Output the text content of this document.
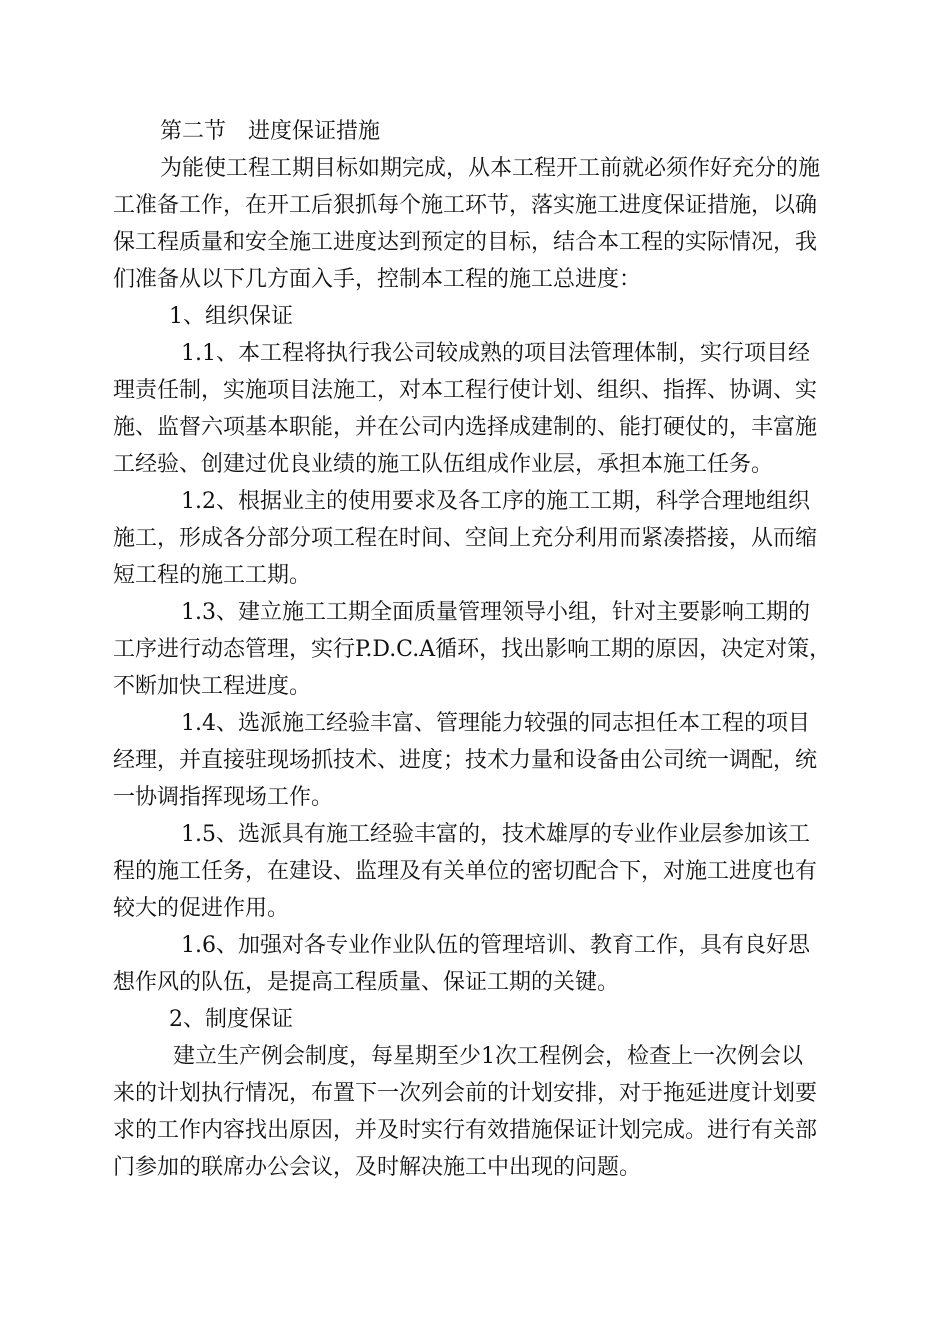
第二节 进度保证措施
为能使工程工期目标如期完成，从本工程开工前就必须作好充分的施
工准备工作，在开工后狠抓每个施工环节，落实施工进度保证措施，以确
保工程质量和安全施工进度达到预定的目标，结合本工程的实际情况，我
们准备从以下几方面入手，控制本工程的施工总进度：
1、组织保证
1.1、本工程将执行我公司较成熟的项目法管理体制，实行项目经
理责任制，实施项目法施工，对本工程行使计划、组织、指挥、协调、实
施、监督六项基本职能，并在公司内选择成建制的、能打硬仗的，丰富施
工经验、创建过优良业绩的施工队伍组成作业层，承担本施工任务。
1.2、根据业主的使用要求及各工序的施工工期，科学合理地组织
施工，形成各分部分项工程在时间、空间上充分利用而紧凑搭接，从而缩
短工程的施工工期。
1.3、建立施工工期全面质量管理领导小组，针对主要影响工期的
工序进行动态管理，实行P.D.C.A循环，找出影响工期的原因，决定对策，
不断加快工程进度。
1.4、选派施工经验丰富、管理能力较强的同志担任本工程的项目
经理，并直接驻现场抓技术、进度；技术力量和设备由公司统一调配，统
一协调指挥现场工作。
1.5、选派具有施工经验丰富的，技术雄厚的专业作业层参加该工
程的施工任务，在建设、监理及有关单位的密切配合下，对施工进度也有
较大的促进作用。
1.6、加强对各专业作业队伍的管理培训、教育工作，具有良好思
想作风的队伍，是提高工程质量、保证工期的关键。
2、制度保证
建立生产例会制度，每星期至少1次工程例会，检查上一次例会以
来的计划执行情况，布置下一次列会前的计划安排，对于拖延进度计划要
求的工作内容找出原因，并及时实行有效措施保证计划完成。进行有关部
门参加的联席办公会议，及时解决施工中出现的问题。
